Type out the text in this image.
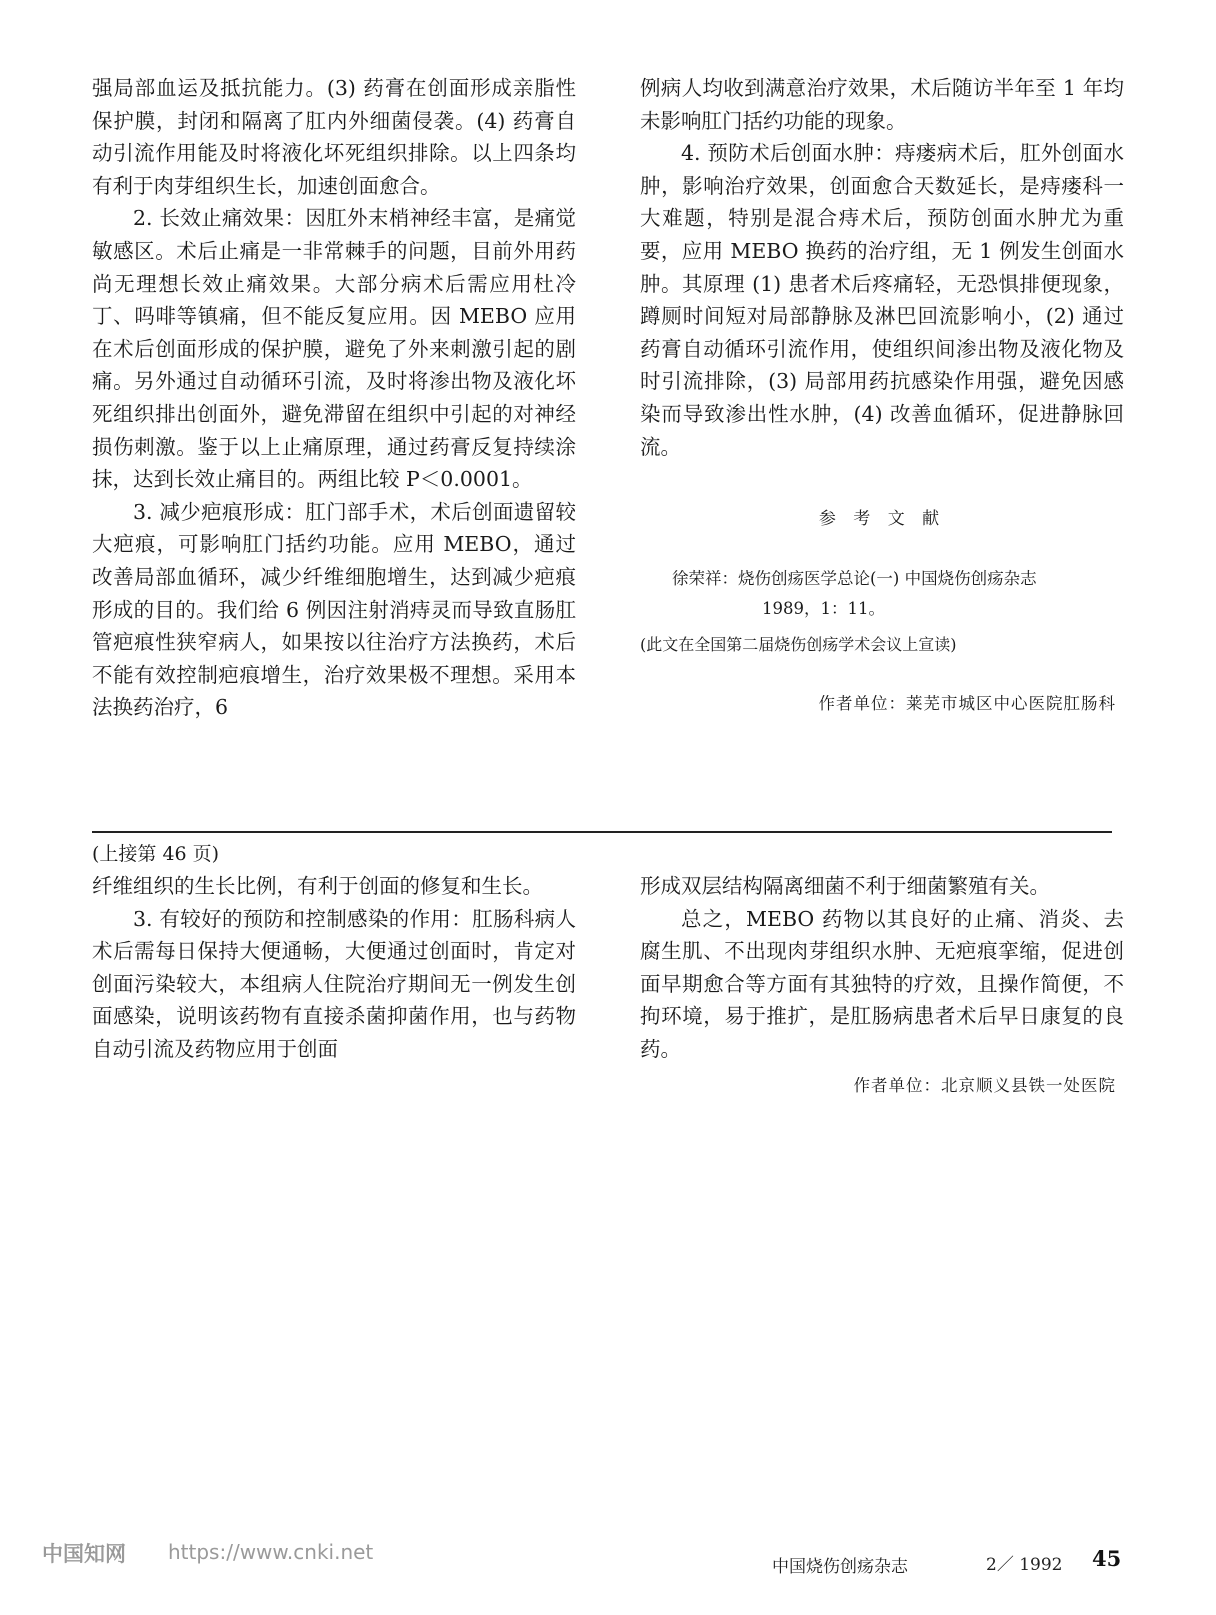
强局部血运及抵抗能力。(3) 药膏在创面形成亲脂性保护膜，封闭和隔离了肛内外细菌侵袭。(4) 药膏自动引流作用能及时将液化坏死组织排除。以上四条均有利于肉芽组织生长，加速创面愈合。

2. 长效止痛效果：因肛外末梢神经丰富，是痛觉敏感区。术后止痛是一非常棘手的问题，目前外用药尚无理想长效止痛效果。大部分病术后需应用杜冷丁、吗啡等镇痛，但不能反复应用。因 MEBO 应用在术后创面形成的保护膜，避免了外来刺激引起的剧痛。另外通过自动循环引流，及时将渗出物及液化坏死组织排出创面外，避免滞留在组织中引起的对神经损伤刺激。鉴于以上止痛原理，通过药膏反复持续涂抹，达到长效止痛目的。两组比较 P＜0.0001。

3. 减少疤痕形成：肛门部手术，术后创面遗留较大疤痕，可影响肛门括约功能。应用 MEBO，通过改善局部血循环，减少纤维细胞增生，达到减少疤痕形成的目的。我们给 6 例因注射消痔灵而导致直肠肛管疤痕性狭窄病人，如果按以往治疗方法换药，术后不能有效控制疤痕增生，治疗效果极不理想。采用本法换药治疗，6

例病人均收到满意治疗效果，术后随访半年至 1 年均未影响肛门括约功能的现象。

4. 预防术后创面水肿：痔瘘病术后，肛外创面水肿，影响治疗效果，创面愈合天数延长，是痔瘘科一大难题，特别是混合痔术后，预防创面水肿尤为重要，应用 MEBO 换药的治疗组，无 1 例发生创面水肿。其原理 (1) 患者术后疼痛轻，无恐惧排便现象，蹲厕时间短对局部静脉及淋巴回流影响小，(2) 通过药膏自动循环引流作用，使组织间渗出物及液化物及时引流排除，(3) 局部用药抗感染作用强，避免因感染而导致渗出性水肿，(4) 改善血循环，促进静脉回流。

参 考 文 献
徐荣祥：烧伤创疡医学总论(一) 中国烧伤创疡杂志
1989，1：11。
(此文在全国第二届烧伤创疡学术会议上宣读)
作者单位：莱芜市城区中心医院肛肠科
(上接第 46 页)

纤维组织的生长比例，有利于创面的修复和生长。

3. 有较好的预防和控制感染的作用：肛肠科病人术后需每日保持大便通畅，大便通过创面时，肯定对创面污染较大，本组病人住院治疗期间无一例发生创面感染，说明该药物有直接杀菌抑菌作用，也与药物自动引流及药物应用于创面

形成双层结构隔离细菌不利于细菌繁殖有关。

总之，MEBO 药物以其良好的止痛、消炎、去腐生肌、不出现肉芽组织水肿、无疤痕挛缩，促进创面早期愈合等方面有其独特的疗效，且操作简便，不拘环境，易于推扩，是肛肠病患者术后早日康复的良药。

作者单位：北京顺义县铁一处医院
中国知网 https://www.cnki.net
中国烧伤创疡杂志	2／ 1992 45
